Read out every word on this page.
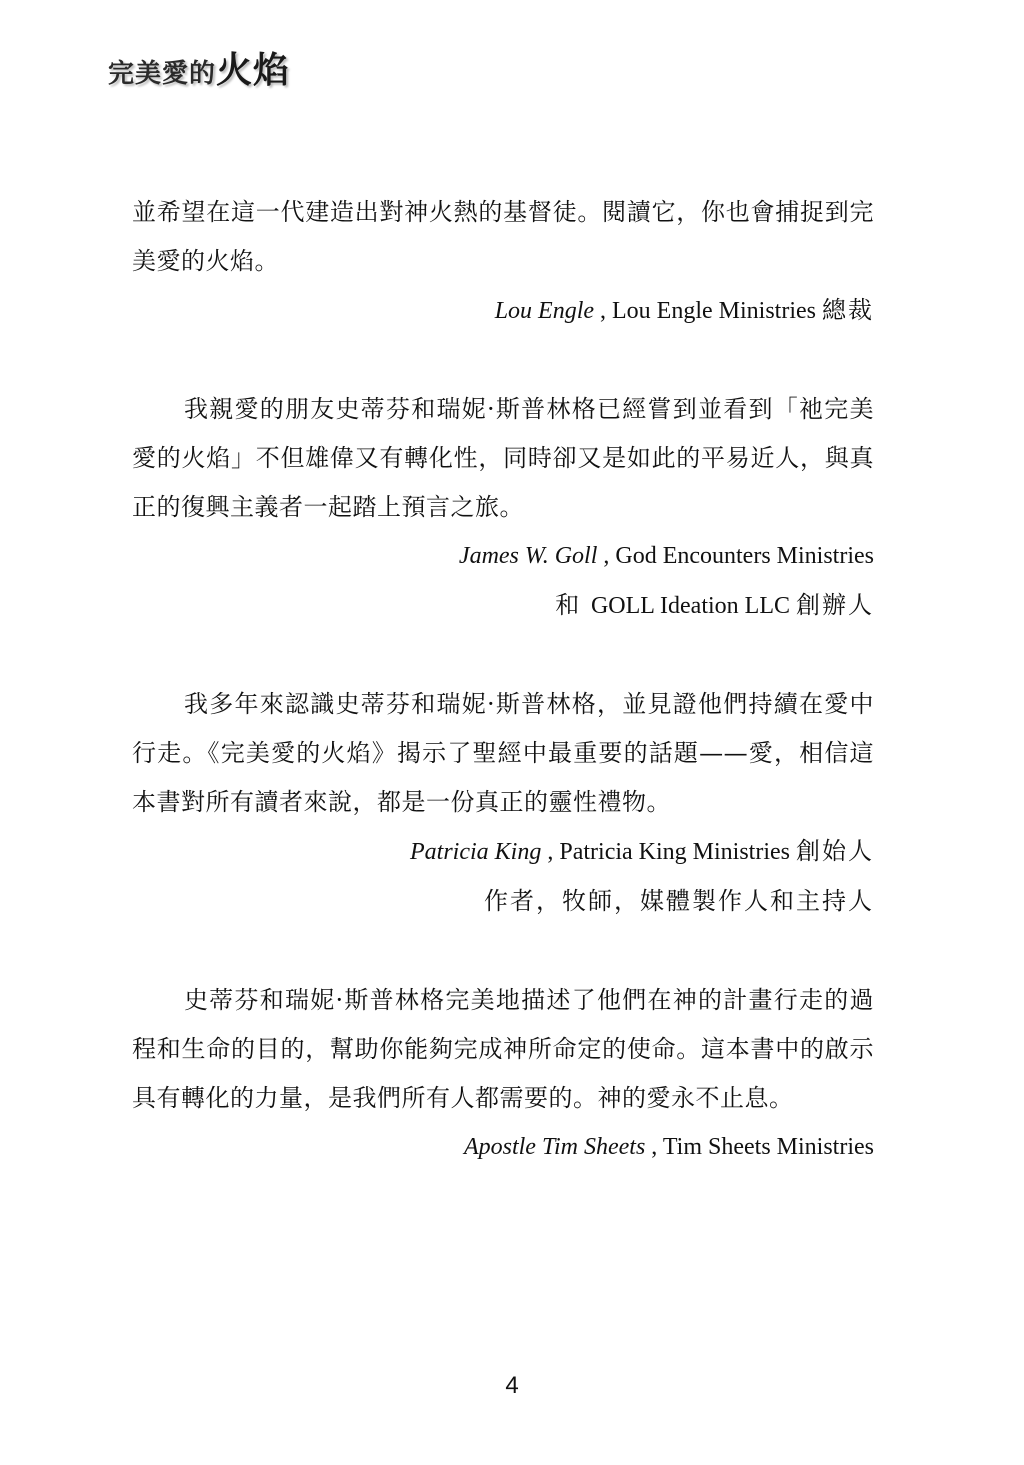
完美愛的火焰

並希望在這一代建造出對神火熱的基督徒。閱讀它，你也會捕捉到完美愛的火焰。

Lou Engle , Lou Engle Ministries 總裁

我親愛的朋友史蒂芬和瑞妮·斯普林格已經嘗到並看到「祂完美愛的火焰」不但雄偉又有轉化性，同時卻又是如此的平易近人，與真正的復興主義者一起踏上預言之旅。

James W. Goll , God Encounters Ministries

和 GOLL Ideation LLC 創辦人

我多年來認識史蒂芬和瑞妮·斯普林格，並見證他們持續在愛中行走。《完美愛的火焰》揭示了聖經中最重要的話題——愛，相信這本書對所有讀者來說，都是一份真正的靈性禮物。

Patricia King , Patricia King Ministries 創始人

作者，牧師，媒體製作人和主持人

史蒂芬和瑞妮·斯普林格完美地描述了他們在神的計畫行走的過程和生命的目的，幫助你能夠完成神所命定的使命。這本書中的啟示具有轉化的力量，是我們所有人都需要的。神的愛永不止息。

Apostle Tim Sheets , Tim Sheets Ministries

4
